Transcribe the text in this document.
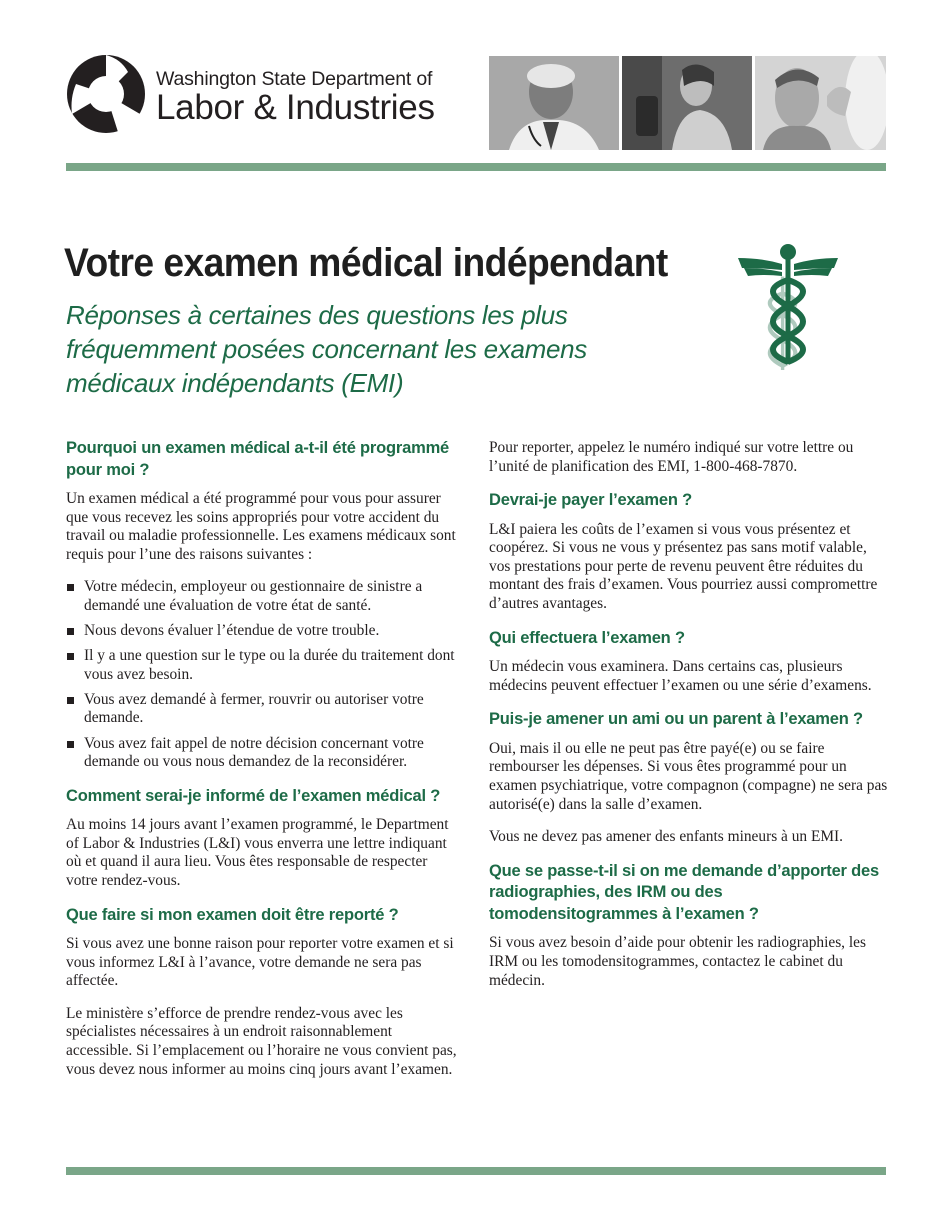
Washington State Department of
Labor & Industries
Votre examen médical indépendant

Réponses à certaines des questions les plus fréquemment posées concernant les examens médicaux indépendants (EMI)

Pourquoi un examen médical a-t-il été programmé pour moi ?

Un examen médical a été programmé pour vous pour assurer que vous recevez les soins appropriés pour votre accident du travail ou maladie professionnelle. Les examens médicaux sont requis pour l’une des raisons suivantes :

Votre médecin, employeur ou gestionnaire de sinistre a demandé une évaluation de votre état de santé.
Nous devons évaluer l’étendue de votre trouble.
Il y a une question sur le type ou la durée du traitement dont vous avez besoin.
Vous avez demandé à fermer, rouvrir ou autoriser votre demande.
Vous avez fait appel de notre décision concernant votre demande ou vous nous demandez de la reconsidérer.
Comment serai-je informé de l’examen médical ?

Au moins 14 jours avant l’examen programmé, le Department of Labor & Industries (L&I) vous enverra une lettre indiquant où et quand il aura lieu. Vous êtes responsable de respecter votre rendez-vous.

Que faire si mon examen doit être reporté ?

Si vous avez une bonne raison pour reporter votre examen et si vous informez L&I à l’avance, votre demande ne sera pas affectée.

Le ministère s’efforce de prendre rendez-vous avec les spécialistes nécessaires à un endroit raisonnablement accessible. Si l’emplacement ou l’horaire ne vous convient pas, vous devez nous informer au moins cinq jours avant l’examen.

Pour reporter, appelez le numéro indiqué sur votre lettre ou l’unité de planification des EMI, 1-800-468-7870.

Devrai-je payer l’examen ?

L&I paiera les coûts de l’examen si vous vous présentez et coopérez. Si vous ne vous y présentez pas sans motif valable, vos prestations pour perte de revenu peuvent être réduites du montant des frais d’examen. Vous pourriez aussi compromettre d’autres avantages.

Qui effectuera l’examen ?

Un médecin vous examinera. Dans certains cas, plusieurs médecins peuvent effectuer l’examen ou une série d’examens.

Puis-je amener un ami ou un parent à l’examen ?

Oui, mais il ou elle ne peut pas être payé(e) ou se faire rembourser les dépenses. Si vous êtes programmé pour un examen psychiatrique, votre compagnon (compagne) ne sera pas autorisé(e) dans la salle d’examen.

Vous ne devez pas amener des enfants mineurs à un EMI.

Que se passe-t-il si on me demande d’apporter des radiographies, des IRM ou des tomodensitogrammes à l’examen ?

Si vous avez besoin d’aide pour obtenir les radiographies, les IRM ou les tomodensitogrammes, contactez le cabinet du médecin.
